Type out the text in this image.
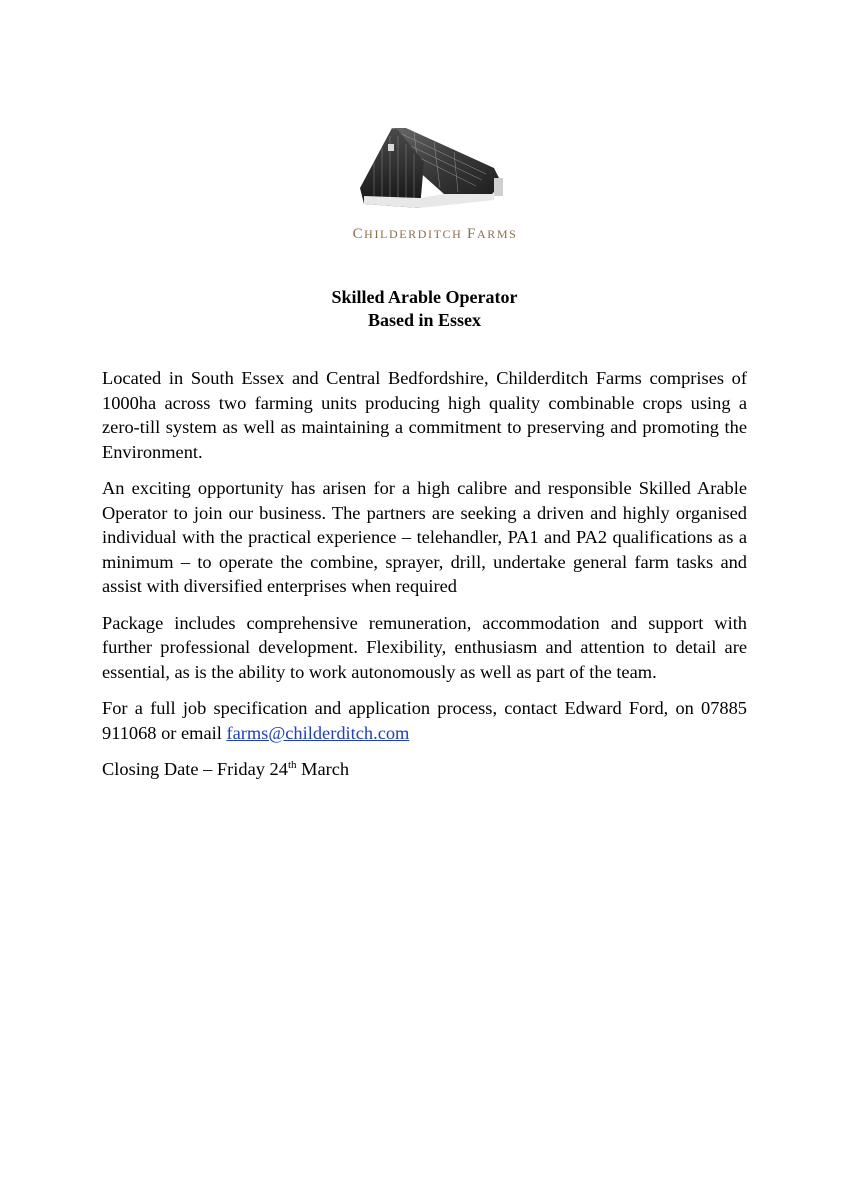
CHILDERDITCH FARMS
Skilled Arable Operator
Based in Essex

Located in South Essex and Central Bedfordshire, Childerditch Farms comprises of 1000ha across two farming units producing high quality combinable crops using a zero-till system as well as maintaining a commitment to preserving and promoting the Environment.

An exciting opportunity has arisen for a high calibre and responsible Skilled Arable Operator to join our business. The partners are seeking a driven and highly organised individual with the practical experience – telehandler, PA1 and PA2 qualifications as a minimum – to operate the combine, sprayer, drill, undertake general farm tasks and assist with diversified enterprises when required

Package includes comprehensive remuneration, accommodation and support with further professional development. Flexibility, enthusiasm and attention to detail are essential, as is the ability to work autonomously as well as part of the team.

For a full job specification and application process, contact Edward Ford, on 07885 911068 or email farms@childerditch.com

Closing Date – Friday 24th March
